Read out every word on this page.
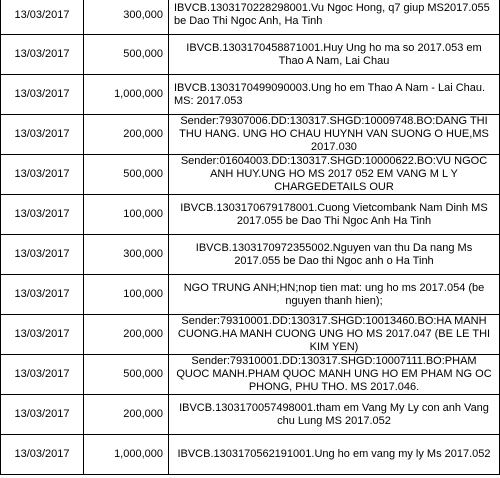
13/03/2017	300,000	IBVCB.1303170228298001.Vu Ngoc Hong, q7 giup MS2017.055 be Dao Thi Ngoc Anh, Ha Tinh
13/03/2017	500,000	IBVCB.1303170458871001.Huy Ung ho ma so 2017.053 em Thao A Nam, Lai Chau
13/03/2017	1,000,000	IBVCB.1303170499090003.Ung ho em Thao A Nam - Lai Chau. MS: 2017.053
13/03/2017	200,000	Sender:79307006.DD:130317.SHGD:10009748.BO:DANG THI THU HANG. UNG HO CHAU HUYNH VAN SUONG O HUE,MS 2017.030
13/03/2017	500,000	Sender:01604003.DD:130317.SHGD:10000622.BO:VU NGOC ANH HUY.UNG HO MS 2017 052 EM VANG M L Y CHARGEDETAILS OUR
13/03/2017	100,000	IBVCB.1303170679178001.Cuong Vietcombank Nam Dinh MS 2017.055 be Dao Thi Ngoc Anh Ha Tinh
13/03/2017	300,000	IBVCB.1303170972355002.Nguyen van thu Da nang Ms 2017.055 be Dao thi Ngoc anh o Ha Tinh
13/03/2017	100,000	NGO TRUNG ANH;HN;nop tien mat: ung ho ms 2017.054 (be nguyen thanh hien);
13/03/2017	200,000	Sender:79310001.DD:130317.SHGD:10013460.BO:HA MANH CUONG.HA MANH CUONG UNG HO MS 2017.047 (BE LE THI KIM YEN)
13/03/2017	500,000	Sender:79310001.DD:130317.SHGD:10007111.BO:PHAM QUOC MANH.PHAM QUOC MANH UNG HO EM PHAM NG OC PHONG, PHU THO. MS 2017.046.
13/03/2017	200,000	IBVCB.1303170057498001.tham em Vang My Ly con anh Vang chu Lung MS 2017.052
13/03/2017	1,000,000	IBVCB.1303170562191001.Ung ho em vang my ly Ms 2017.052
